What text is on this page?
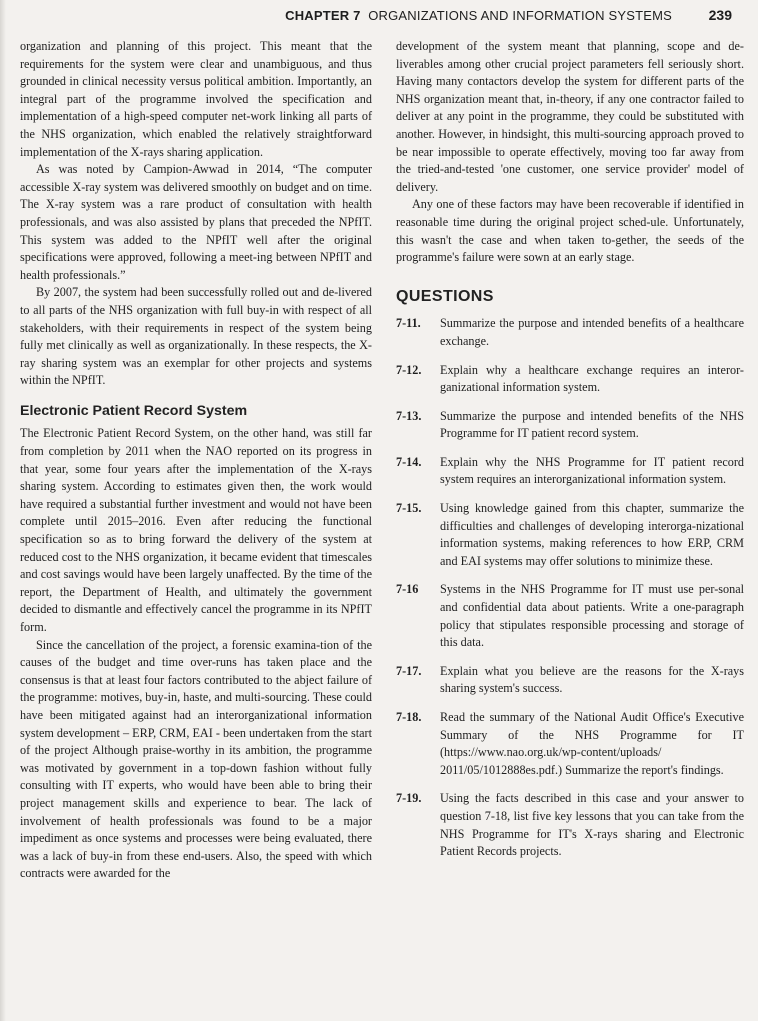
CHAPTER 7 ORGANIZATIONS AND INFORMATION SYSTEMS	239

organization and planning of this project. This meant that the requirements for the system were clear and unambiguous, and thus grounded in clinical necessity versus political ambition. Importantly, an integral part of the programme involved the specification and implementation of a high-speed computer net-work linking all parts of the NHS organization, which enabled the relatively straightforward implementation of the X-rays sharing application.

As was noted by Campion-Awwad in 2014, “The computer accessible X-ray system was delivered smoothly on budget and on time. The X-ray system was a rare product of consultation with health professionals, and was also assisted by plans that preceded the NPfIT. This system was added to the NPfIT well after the original specifications were approved, following a meet-ing between NPfIT and health professionals.”

By 2007, the system had been successfully rolled out and de-livered to all parts of the NHS organization with full buy-in with respect of all stakeholders, with their requirements in respect of the system being fully met clinically as well as organizationally. In these respects, the X-ray sharing system was an exemplar for other projects and systems within the NPfIT.

Electronic Patient Record System

The Electronic Patient Record System, on the other hand, was still far from completion by 2011 when the NAO reported on its progress in that year, some four years after the implementation of the X-rays sharing system. According to estimates given then, the work would have required a substantial further investment and would not have been complete until 2015–2016. Even after reducing the functional specification so as to bring forward the delivery of the system at reduced cost to the NHS organization, it became evident that timescales and cost savings would have been largely unaffected. By the time of the report, the Department of Health, and ultimately the government decided to dismantle and effectively cancel the programme in its NPfIT form.

Since the cancellation of the project, a forensic examina-tion of the causes of the budget and time over-runs has taken place and the consensus is that at least four factors contributed to the abject failure of the programme: motives, buy-in, haste, and multi-sourcing. These could have been mitigated against had an interorganizational information system development – ERP, CRM, EAI - been undertaken from the start of the project Although praise-worthy in its ambition, the programme was motivated by government in a top-down fashion without fully consulting with IT experts, who would have been able to bring their project management skills and experience to bear. The lack of involvement of health professionals was found to be a major impediment as once systems and processes were being evaluated, there was a lack of buy-in from these end-users. Also, the speed with which contracts were awarded for the

development of the system meant that planning, scope and de-liverables among other crucial project parameters fell seriously short. Having many contactors develop the system for different parts of the NHS organization meant that, in-theory, if any one contractor failed to deliver at any point in the programme, they could be substituted with another. However, in hindsight, this multi-sourcing approach proved to be near impossible to operate effectively, moving too far away from the tried-and-tested 'one customer, one service provider' model of delivery.

Any one of these factors may have been recoverable if identified in reasonable time during the original project sched-ule. Unfortunately, this wasn't the case and when taken to-gether, the seeds of the programme's failure were sown at an early stage.

QUESTIONS
7-11.	Summarize the purpose and intended benefits of a healthcare exchange.
7-12.	Explain why a healthcare exchange requires an interor-ganizational information system.
7-13.	Summarize the purpose and intended benefits of the NHS Programme for IT patient record system.
7-14.	Explain why the NHS Programme for IT patient record system requires an interorganizational information system.
7-15.	Using knowledge gained from this chapter, summarize the difficulties and challenges of developing interorga-nizational information systems, making references to how ERP, CRM and EAI systems may offer solutions to minimize these.
7-16	Systems in the NHS Programme for IT must use per-sonal and confidential data about patients. Write a one-paragraph policy that stipulates responsible processing and storage of this data.
7-17.	Explain what you believe are the reasons for the X-rays sharing system's success.
7-18.	Read the summary of the National Audit Office's Executive Summary of the NHS Programme for IT (https://www.nao.org.uk/wp-content/uploads/ 2011/05/1012888es.pdf.) Summarize the report's findings.
7-19.	Using the facts described in this case and your answer to question 7-18, list five key lessons that you can take from the NHS Programme for IT's X-rays sharing and Electronic Patient Records projects.
